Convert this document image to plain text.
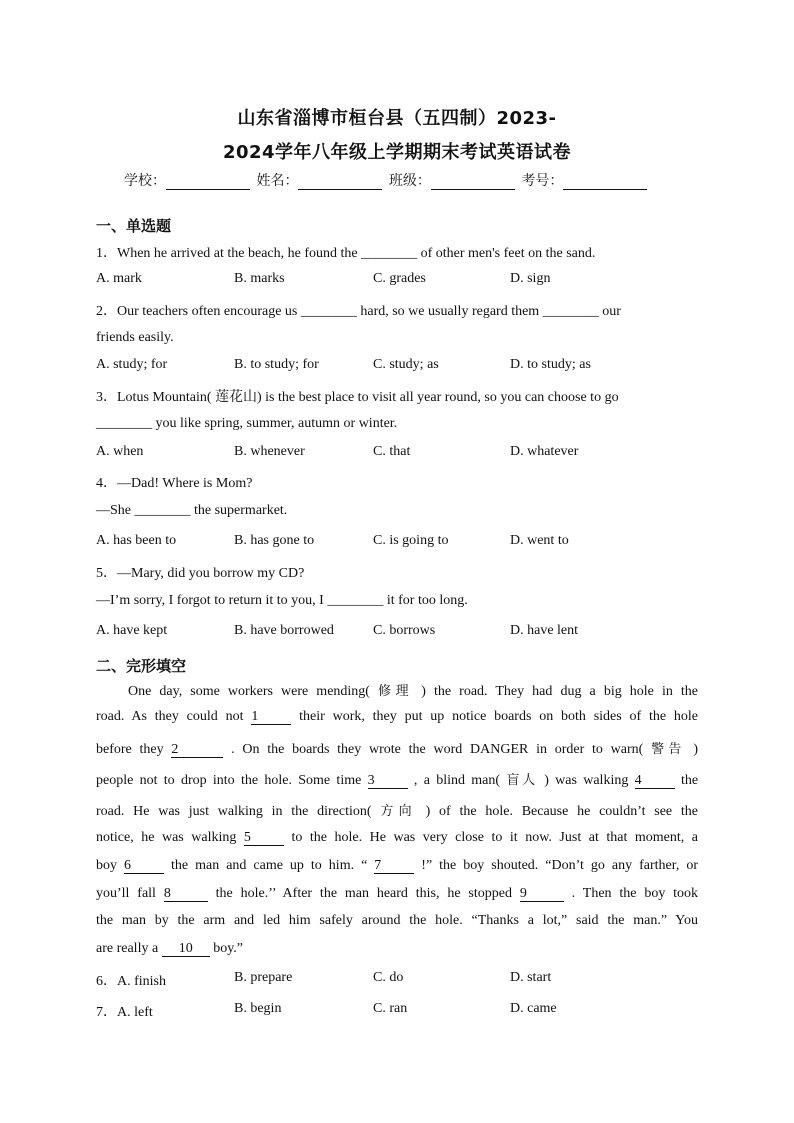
山东省淄博市桓台县（五四制）2023-
2024学年八年级上学期期末考试英语试卷
学校：	姓名：	班级：	考号：
一、单选题
1．When he arrived at the beach, he found the ________ of other men's feet on the sand.
A. mark	B. marks	C. grades	D. sign
2．Our teachers often encourage us ________ hard, so we usually regard them ________ our
friends easily.
A. study; for	B. to study; for	C. study; as	D. to study; as
3．Lotus Mountain( 莲花山) is the best place to visit all year round, so you can choose to go
________ you like spring, summer, autumn or winter.
A. when	B. whenever	C. that	D. whatever
4．—Dad! Where is Mom?
—She ________ the supermarket.
A. has been to	B. has gone to	C. is going to	D. went to
5．—Mary, did you borrow my CD?
—I’m sorry, I forgot to return it to you, I ________ it for too long.
A. have kept	B. have borrowed	C. borrows	D. have lent
二、完形填空
One day, some workers were mending( 修理 ) the road. They had dug a big hole in the
road. As they could not 1	their work, they put up notice boards on both sides of the hole
before they 2	. On the boards they wrote the word DANGER in order to warn( 警告 )
people not to drop into the hole. Some time 3	, a blind man( 盲人 ) was walking 4	the
road. He was just walking in the direction( 方向 ) of the hole. Because he couldn’t see the
notice, he was walking 5	to the hole. He was very close to it now. Just at that moment, a
boy 6	the man and came up to him. “ 7	!” the boy shouted. “Don’t go any farther, or
you’ll fall 8	the hole.’’ After the man heard this, he stopped 9	. Then the boy took
the man by the arm and led him safely around the hole. “Thanks a lot,” said the man.” You
are really a 10 boy.”
6．A. finish	B. prepare	C. do	D. start
7．A. left	B. begin	C. ran	D. came
